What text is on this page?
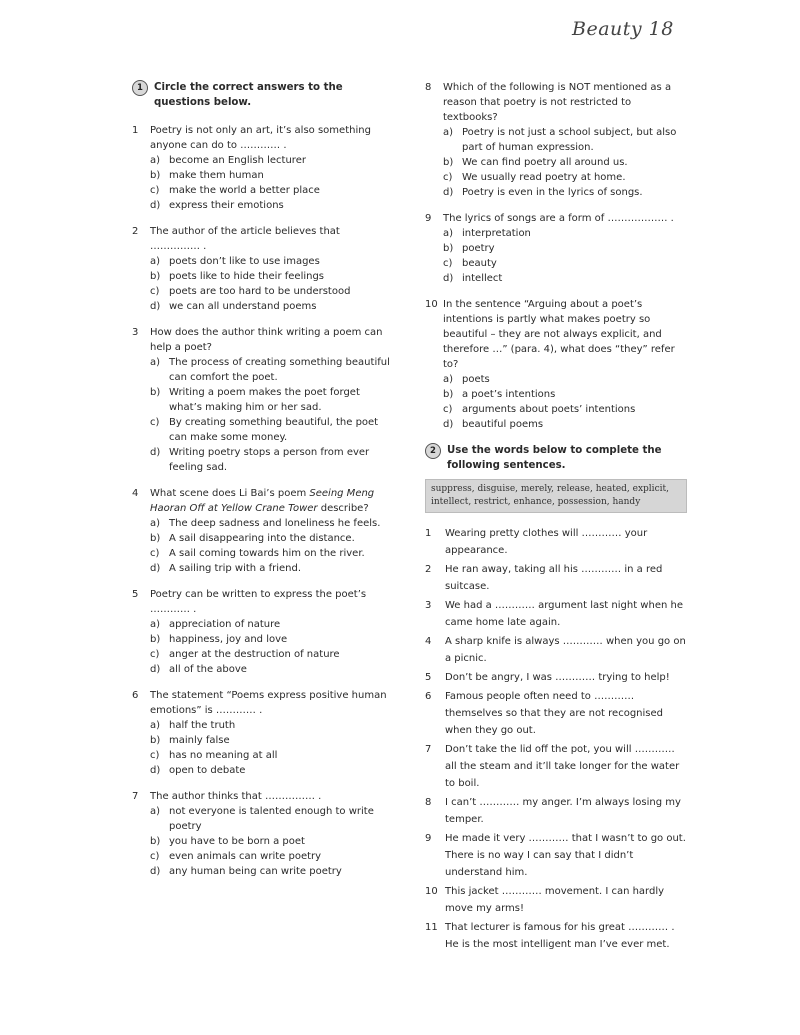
Beauty 18
1	Circle the correct answers to the questions below.
1	Poetry is not only an art, it’s also something anyone can do to ………… .
a) become an English lecturer
b) make them human
c) make the world a better place
d) express their emotions
2	The author of the article believes that …………… .
a) poets don’t like to use images
b) poets like to hide their feelings
c) poets are too hard to be understood
d) we can all understand poems
3	How does the author think writing a poem can help a poet?
a) The process of creating something beautiful can comfort the poet.
b) Writing a poem makes the poet forget what’s making him or her sad.
c) By creating something beautiful, the poet can make some money.
d) Writing poetry stops a person from ever feeling sad.
4	What scene does Li Bai’s poem Seeing Meng Haoran Off at Yellow Crane Tower describe?
a) The deep sadness and loneliness he feels.
b) A sail disappearing into the distance.
c) A sail coming towards him on the river.
d) A sailing trip with a friend.
5	Poetry can be written to express the poet’s ………… .
a) appreciation of nature
b) happiness, joy and love
c) anger at the destruction of nature
d) all of the above
6	The statement “Poems express positive human emotions” is ………… .
a) half the truth
b) mainly false
c) has no meaning at all
d) open to debate
7	The author thinks that …………… .
a) not everyone is talented enough to write poetry
b) you have to be born a poet
c) even animals can write poetry
d) any human being can write poetry
8	Which of the following is NOT mentioned as a reason that poetry is not restricted to textbooks?
a) Poetry is not just a school subject, but also part of human expression.
b) We can find poetry all around us.
c) We usually read poetry at home.
d) Poetry is even in the lyrics of songs.
9	The lyrics of songs are a form of ……………… .
a) interpretation
b) poetry
c) beauty
d) intellect
10 In the sentence “Arguing about a poet’s intentions is partly what makes poetry so beautiful – they are not always explicit, and therefore …” (para. 4), what does “they” refer to?
a) poets
b) a poet’s intentions
c) arguments about poets’ intentions
d) beautiful poems
2	Use the words below to complete the following sentences.
suppress, disguise, merely, release, heated, explicit, intellect, restrict, enhance, possession, handy
1	Wearing pretty clothes will ………… your appearance.
2	He ran away, taking all his ………… in a red suitcase.
3	We had a ………… argument last night when he came home late again.
4	A sharp knife is always ………… when you go on a picnic.
5	Don’t be angry, I was ………… trying to help!
6	Famous people often need to ………… themselves so that they are not recognised when they go out.
7	Don’t take the lid off the pot, you will ………… all the steam and it’ll take longer for the water to boil.
8	I can’t ………… my anger. I’m always losing my temper.
9	He made it very ………… that I wasn’t to go out. There is no way I can say that I didn’t understand him.
10 This jacket ………… movement. I can hardly move my arms!
11 That lecturer is famous for his great ………… . He is the most intelligent man I’ve ever met.
